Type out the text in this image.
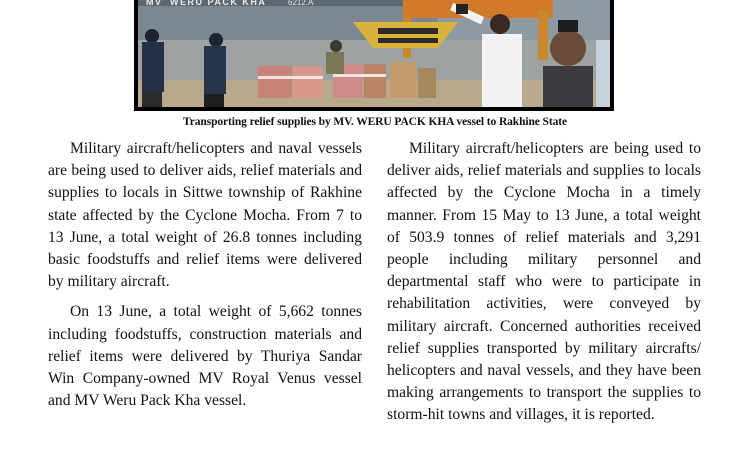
MV WERU PACK KHA	6212.A
Transporting relief supplies by MV. WERU PACK KHA vessel to Rakhine State

Military aircraft/helicopters and naval vessels are being used to deliver aids, relief materials and supplies to locals in Sittwe township of Rakhine state affected by the Cyclone Mocha. From 7 to 13 June, a total weight of 26.8 tonnes including basic foodstuffs and relief items were delivered by military aircraft.

On 13 June, a total weight of 5,662 tonnes including foodstuffs, construction materials and relief items were delivered by Thuriya Sandar Win Company-owned MV Royal Venus vessel and MV Weru Pack Kha vessel.

Military aircraft/helicopters are being used to deliver aids, relief materials and supplies to locals affected by the Cyclone Mocha in a timely manner. From 15 May to 13 June, a total weight of 503.9 tonnes of relief materials and 3,291 people including military personnel and departmental staff who were to participate in rehabilitation activities, were conveyed by military aircraft. Concerned authorities received relief supplies transported by military aircrafts/ helicopters and naval vessels, and they have been making arrangements to transport the supplies to storm-hit towns and villages, it is reported.
